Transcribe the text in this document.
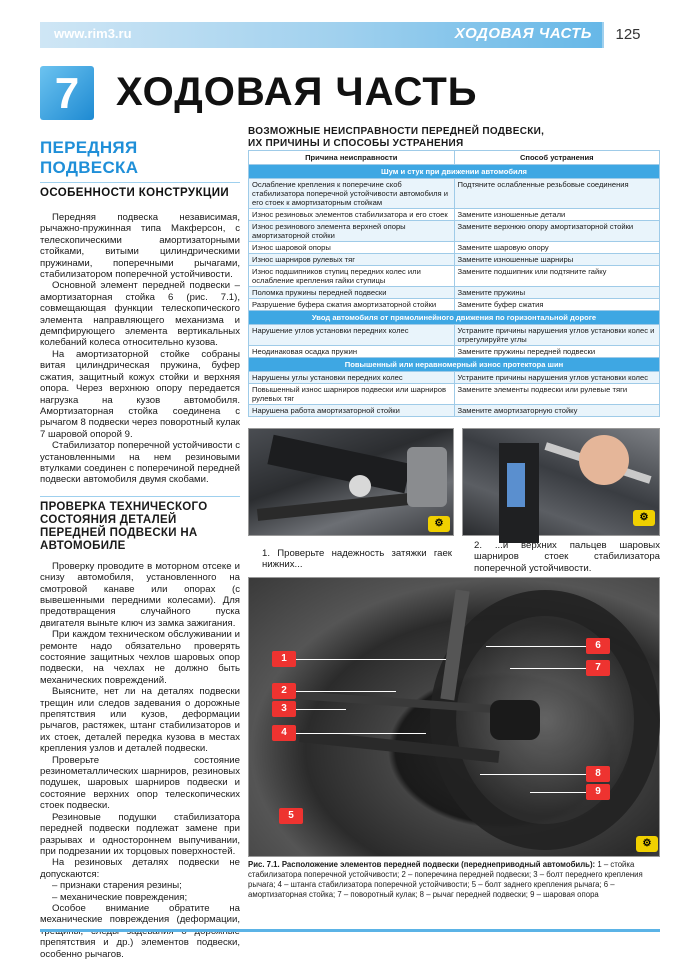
www.rim3.ru	ХОДОВАЯ ЧАСТЬ	125
7 ХОДОВАЯ ЧАСТЬ
ПЕРЕДНЯЯ ПОДВЕСКА
ОСОБЕННОСТИ КОНСТРУКЦИИ

Передняя подвеска независимая, рычажно-пружинная типа Макферсон, с телескопическими амортизаторными стойками, витыми цилиндрическими пружинами, поперечными рычагами, стабилизатором поперечной устойчивости.

Основной элемент передней подвески – амортизаторная стойка 6 (рис. 7.1), совмещающая функции телескопического элемента направляющего механизма и демпфирующего элемента вертикальных колебаний колеса относительно кузова.

На амортизаторной стойке собраны витая цилиндрическая пружина, буфер сжатия, защитный кожух стойки и верхняя опора. Через верхнюю опору передается нагрузка на кузов автомобиля. Амортизаторная стойка соединена с рычагом 8 подвески через поворотный кулак 7 шаровой опорой 9.

Стабилизатор поперечной устойчивости с установленными на нем резиновыми втулками соединен с поперечиной передней подвески автомобиля двумя скобами.

ПРОВЕРКА ТЕХНИЧЕСКОГО СОСТОЯНИЯ ДЕТАЛЕЙ ПЕРЕДНЕЙ ПОДВЕСКИ НА АВТОМОБИЛЕ

Проверку проводите в моторном отсеке и снизу автомобиля, установленного на смотровой канаве или опорах (с вывешенными передними колесами). Для предотвращения случайного пуска двигателя выньте ключ из замка зажигания.

При каждом техническом обслуживании и ремонте надо обязательно проверять состояние защитных чехлов шаровых опор подвески, на чехлах не должно быть механических повреждений.

Выясните, нет ли на деталях подвески трещин или следов задевания о дорожные препятствия или кузов, деформации рычагов, растяжек, штанг стабилизаторов и их стоек, деталей передка кузова в местах крепления узлов и деталей подвески.

Проверьте состояние резинометаллических шарниров, резиновых подушек, шаровых шарниров подвески и состояние верхних опор телескопических стоек подвески.

Резиновые подушки стабилизатора передней подвески подлежат замене при разрывах и одностороннем выпучивании, при подрезании их торцовых поверхностей.

На резиновых деталях подвески не допускаются:

– признаки старения резины;

– механические повреждения;

Особое внимание обратите на механические повреждения (деформации, препятствия и др.) элементов подвески, особенно рычагов.

ВОЗМОЖНЫЕ НЕИСПРАВНОСТИ ПЕРЕДНЕЙ ПОДВЕСКИ,
ИХ ПРИЧИНЫ И СПОСОБЫ УСТРАНЕНИЯ
Причина неисправности	Способ устранения
Шум и стук при движении автомобиля	
Ослабление крепления к поперечине скоб стабилизатора поперечной устойчивости автомобиля и его стоек к амортизаторным стойкам	Подтяните ослабленные резьбовые соединения
Износ резиновых элементов стабилизатора и его стоек	Замените изношенные детали
Износ резинового элемента верхней опоры амортизаторной стойки	Замените верхнюю опору амортизаторной стойки
Износ шаровой опоры	Замените шаровую опору
Износ шарниров рулевых тяг	Замените изношенные шарниры
Износ подшипников ступиц передних колес или ослабление крепления гайки ступицы	Замените подшипник или подтяните гайку
Поломка пружины передней подвески	Замените пружины
Разрушение буфера сжатия амортизаторной стойки	Замените буфер сжатия
Увод автомобиля от прямолинейного движения по горизонтальной дороге	
Нарушение углов установки передних колес	Устраните причины нарушения углов установки колес и отрегулируйте углы
Неодинаковая осадка пружин	Замените пружины передней подвески
Повышенный или неравномерный износ протектора шин	
Нарушены углы установки передних колес	Устраните причины нарушения углов установки колес
Повышенный износ шарниров подвески или шарниров рулевых тяг	Замените элементы подвески или рулевые тяги
Нарушена работа амортизаторной стойки	Замените амортизаторную стойку
⚙
⚙

1. Проверьте надежность затяжки гаек нижних...

2. ...и верхних пальцев шаровых шарниров стоек стабилизатора поперечной устойчивости.

1
2
3
4
5
6
7
8
9
⚙

Рис. 7.1. Расположение элементов передней подвески (переднеприводный автомобиль): 1 – стойка стабилизатора поперечной устойчивости; 2 – поперечина передней подвески; 3 – болт переднего крепления рычага; 4 – штанга стабилизатора поперечной устойчивости; 5 – болт заднего крепления рычага; 6 – амортизаторная стойка; 7 – поворотный кулак; 8 – рычаг передней подвески; 9 – шаровая опора
